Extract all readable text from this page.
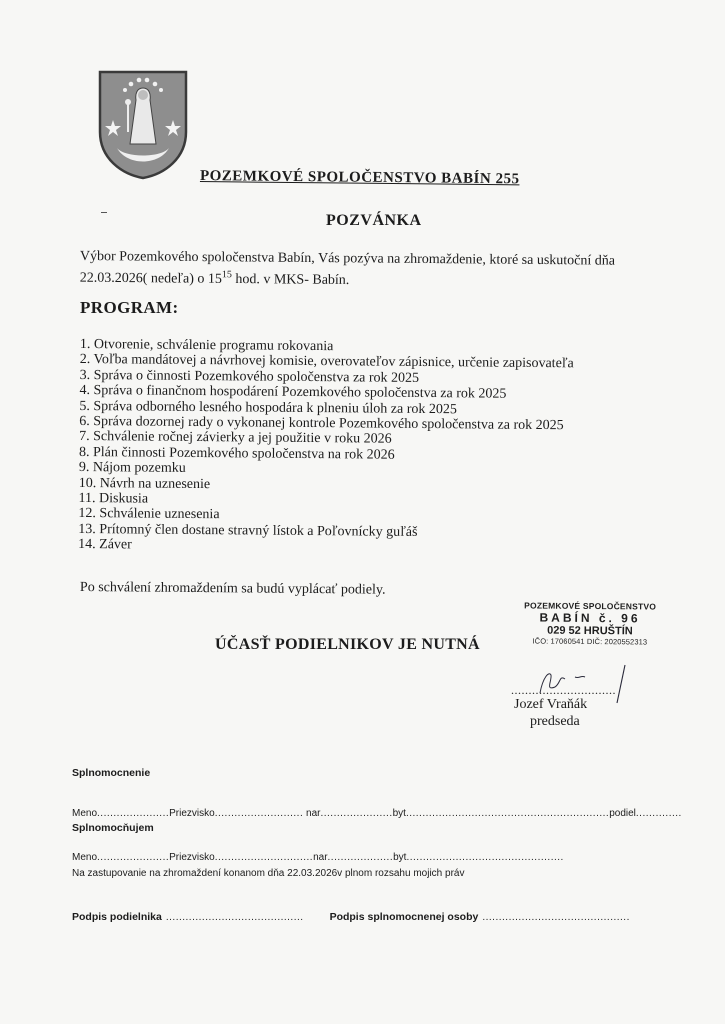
POZEMKOVÉ SPOLOČENSTVO BABÍN 255
POZVÁNKA
Výbor Pozemkového spoločenstva Babín, Vás pozýva na zhromaždenie, ktoré sa uskutoční dňa
22.03.2026( nedeľa) o $15^{15}$ hod. v MKS- Babín.
PROGRAM:
1. Otvorenie, schválenie programu rokovania
2. Voľba mandátovej a návrhovej komisie, overovateľov zápisnice, určenie zapisovateľa
3. Správa o činnosti Pozemkového spoločenstva za rok 2025
4. Správa o finančnom hospodárení Pozemkového spoločenstva za rok 2025
5. Správa odborného lesného hospodára k plneniu úloh za rok 2025
6. Správa dozornej rady o vykonanej kontrole Pozemkového spoločenstva za rok 2025
7. Schválenie ročnej závierky a jej použitie v roku 2026
8. Plán činnosti Pozemkového spoločenstva na rok 2026
9. Nájom pozemku
10. Návrh na uznesenie
11. Diskusia
12. Schválenie uznesenia
13. Prítomný člen dostane stravný lístok a Poľovnícky guľáš
14. Záver
Po schválení zhromaždením sa budú vyplácať podiely.
ÚČASŤ PODIELNIKOV JE NUTNÁ
POZEMKOVÉ SPOLOČENSTVO
BABÍN č. 96
029 52 HRUŠTÍN
IČO: 17060541 DIČ: 2020552313
..............................
Jozef Vraňák
predseda
Splnomocnenie
Meno......................Priezvisko........................... nar......................byt..............................................................podiel..............
Splnomocňujem
Meno......................Priezvisko..............................nar....................byt................................................
Na zastupovanie na zhromaždení konanom dňa 22.03.2026v plnom rozsahu mojich práv
Podpis podielnika .......................................... Podpis splnomocnenej osoby .............................................
